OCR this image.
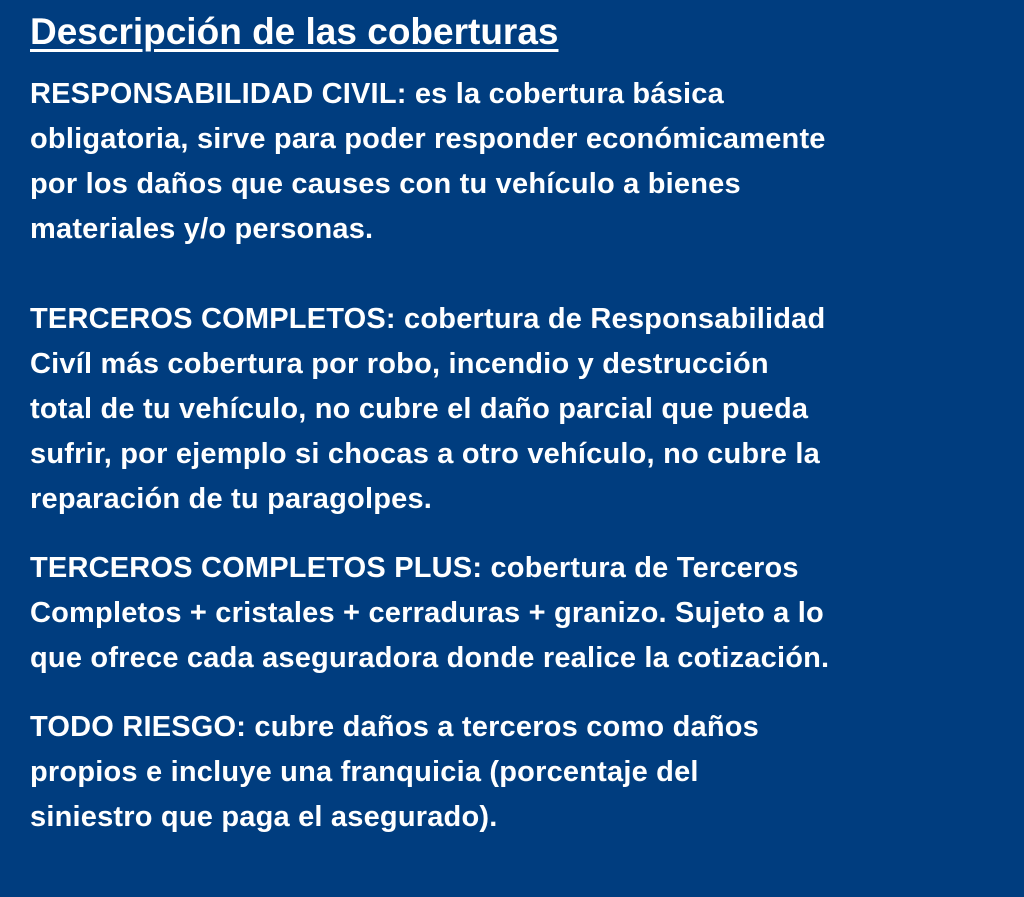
Descripción de las coberturas

RESPONSABILIDAD CIVIL: es la cobertura básica
obligatoria, sirve para poder responder económicamente
por los daños que causes con tu vehículo a bienes
materiales y/o personas.

TERCEROS COMPLETOS: cobertura de Responsabilidad
Civíl más cobertura por robo, incendio y destrucción
total de tu vehículo, no cubre el daño parcial que pueda
sufrir, por ejemplo si chocas a otro vehículo, no cubre la
reparación de tu paragolpes.

TERCEROS COMPLETOS PLUS: cobertura de Terceros
Completos + cristales + cerraduras + granizo. Sujeto a lo
que ofrece cada aseguradora donde realice la cotización.

TODO RIESGO: cubre daños a terceros como daños
propios e incluye una franquicia (porcentaje del
siniestro que paga el asegurado).
